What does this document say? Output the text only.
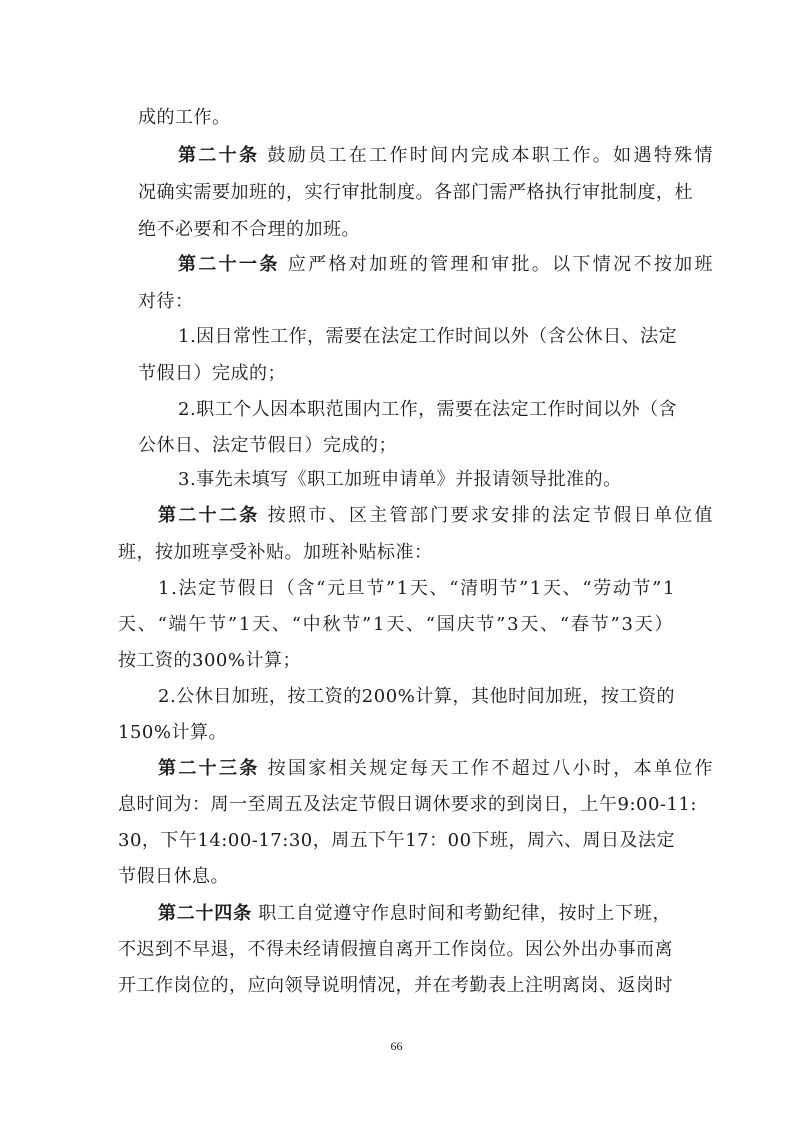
成的工作。
第二十条 鼓励员工在工作时间内完成本职工作。如遇特殊情
况确实需要加班的，实行审批制度。各部门需严格执行审批制度，杜
绝不必要和不合理的加班。
第二十一条 应严格对加班的管理和审批。以下情况不按加班
对待：
1.因日常性工作，需要在法定工作时间以外（含公休日、法定
节假日）完成的；
2.职工个人因本职范围内工作，需要在法定工作时间以外（含
公休日、法定节假日）完成的；
3.事先未填写《职工加班申请单》并报请领导批准的。
第二十二条 按照市、区主管部门要求安排的法定节假日单位值
班，按加班享受补贴。加班补贴标准：
1.法定节假日（含“元旦节”1天、“清明节”1天、“劳动节”1
天、“端午节”1天、“中秋节”1天、“国庆节”3天、“春节”3天）
按工资的300%计算；
2.公休日加班，按工资的200%计算，其他时间加班，按工资的
150%计算。
第二十三条 按国家相关规定每天工作不超过八小时，本单位作
息时间为：周一至周五及法定节假日调休要求的到岗日，上午9:00-11:
30，下午14:00-17:30，周五下午17：00下班，周六、周日及法定
节假日休息。
第二十四条 职工自觉遵守作息时间和考勤纪律，按时上下班，
不迟到不早退，不得未经请假擅自离开工作岗位。因公外出办事而离
开工作岗位的，应向领导说明情况，并在考勤表上注明离岗、返岗时
66
